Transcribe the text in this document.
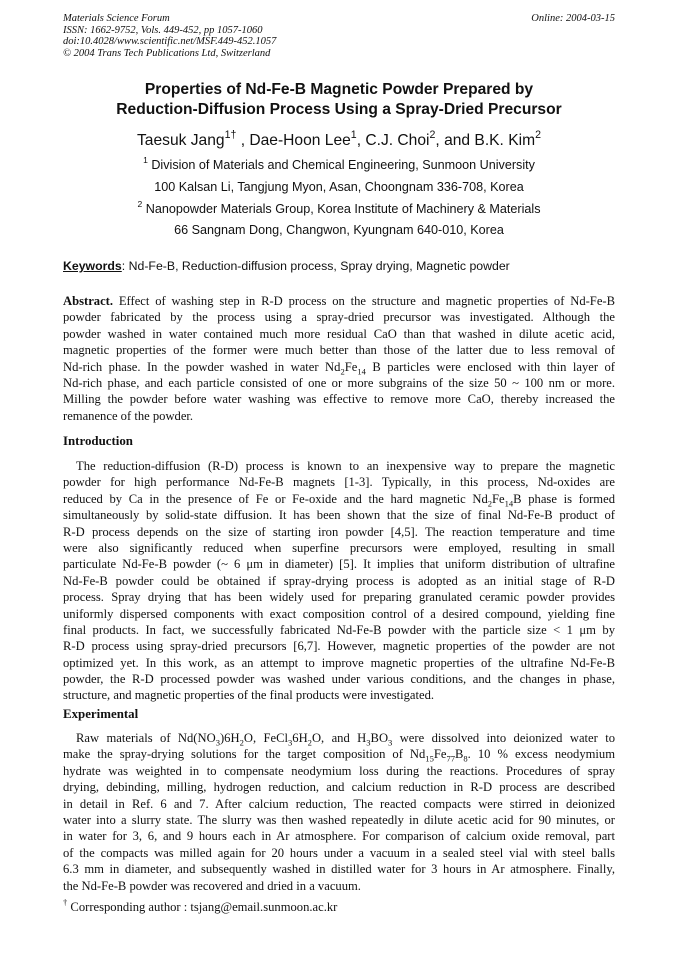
Materials Science Forum
ISSN: 1662-9752, Vols. 449-452, pp 1057-1060
doi:10.4028/www.scientific.net/MSF.449-452.1057
© 2004 Trans Tech Publications Ltd, Switzerland
Online: 2004-03-15
Properties of Nd-Fe-B Magnetic Powder Prepared by
Reduction-Diffusion Process Using a Spray-Dried Precursor
Taesuk Jang$^{1\dagger}$ , Dae-Hoon Lee$^1$, C.J. Choi$^2$, and B.K. Kim$^2$
$^1$ Division of Materials and Chemical Engineering, Sunmoon University
100 Kalsan Li, Tangjung Myon, Asan, Choongnam 336-708, Korea
$^2$ Nanopowder Materials Group, Korea Institute of Machinery & Materials
66 Sangnam Dong, Changwon, Kyungnam 640-010, Korea
Keywords: Nd-Fe-B, Reduction-diffusion process, Spray drying, Magnetic powder
Abstract. Effect of washing step in R-D process on the structure and magnetic properties of Nd-Fe-B
powder fabricated by the process using a spray-dried precursor was investigated. Although the
powder washed in water contained much more residual CaO than that washed in dilute acetic acid,
magnetic properties of the former were much better than those of the latter due to less removal of
Nd-rich phase. In the powder washed in water $Nd_2Fe_{14}$ B particles were enclosed with thin layer of
Nd-rich phase, and each particle consisted of one or more subgrains of the size 50 ~ 100 nm or more.
Milling the powder before water washing was effective to remove more CaO, thereby increased the
remanence of the powder.
Introduction
The reduction-diffusion (R-D) process is known to an inexpensive way to prepare the magnetic
powder for high performance Nd-Fe-B magnets [1-3]. Typically, in this process, Nd-oxides are
reduced by Ca in the presence of Fe or Fe-oxide and the hard magnetic $Nd_2Fe_{14}B$ phase is formed
simultaneously by solid-state diffusion. It has been shown that the size of final Nd-Fe-B product of
R-D process depends on the size of starting iron powder [4,5]. The reaction temperature and time
were also significantly reduced when superfine precursors were employed, resulting in small
particulate Nd-Fe-B powder (~ 6 μm in diameter) [5]. It implies that uniform distribution of ultrafine
Nd-Fe-B powder could be obtained if spray-drying process is adopted as an initial stage of R-D
process. Spray drying that has been widely used for preparing granulated ceramic powder provides
uniformly dispersed components with exact composition control of a desired compound, yielding fine
final products. In fact, we successfully fabricated Nd-Fe-B powder with the particle size < 1 μm by
R-D process using spray-dried precursors [6,7]. However, magnetic properties of the powder are not
optimized yet. In this work, as an attempt to improve magnetic properties of the ultrafine Nd-Fe-B
powder, the R-D processed powder was washed under various conditions, and the changes in phase,
structure, and magnetic properties of the final products were investigated.
Experimental
Raw materials of $Nd(NO_3)6H_2O$, $FeCl_36H_2O$, and $H_3BO_3$ were dissolved into deionized water to
make the spray-drying solutions for the target composition of $Nd_{15}Fe_{77}B_8$. 10 % excess neodymium
hydrate was weighted in to compensate neodymium loss during the reactions. Procedures of spray
drying, debinding, milling, hydrogen reduction, and calcium reduction in R-D process are described
in detail in Ref. 6 and 7. After calcium reduction, The reacted compacts were stirred in deionized
water into a slurry state. The slurry was then washed repeatedly in dilute acetic acid for 90 minutes, or
in water for 3, 6, and 9 hours each in Ar atmosphere. For comparison of calcium oxide removal, part
of the compacts was milled again for 20 hours under a vacuum in a sealed steel vial with steel balls
6.3 mm in diameter, and subsequently washed in distilled water for 3 hours in Ar atmosphere. Finally,
the Nd-Fe-B powder was recovered and dried in a vacuum.
† Corresponding author : tsjang@email.sunmoon.ac.kr
